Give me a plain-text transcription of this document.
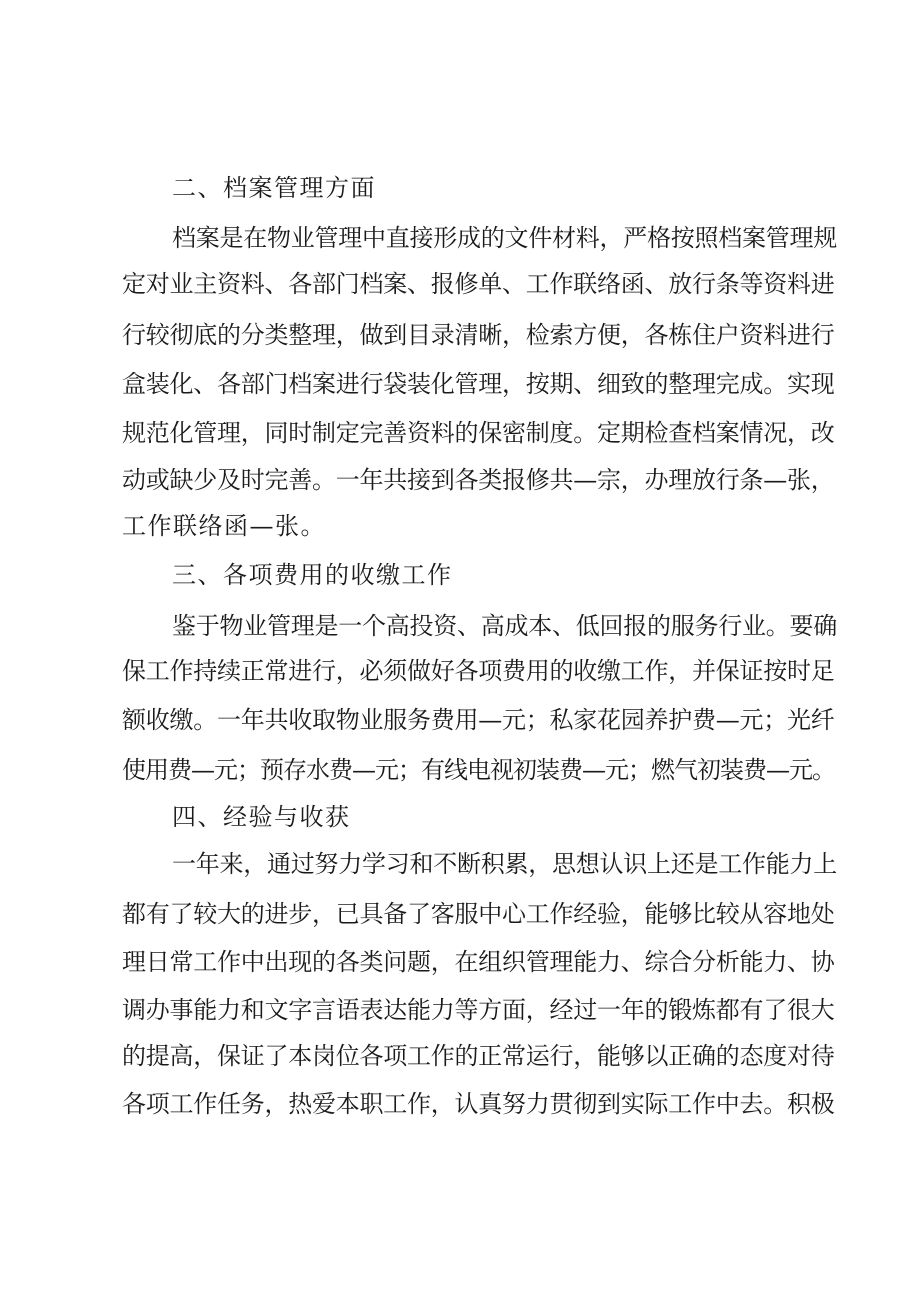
二、档案管理方面

档案是在物业管理中直接形成的文件材料，严格按照档案管理规

定对业主资料、各部门档案、报修单、工作联络函、放行条等资料进

行较彻底的分类整理，做到目录清晰，检索方便，各栋住户资料进行

盒装化、各部门档案进行袋装化管理，按期、细致的整理完成。实现

规范化管理，同时制定完善资料的保密制度。定期检查档案情况，改

动或缺少及时完善。一年共接到各类报修共—宗，办理放行条—张，

工作联络函—张。

三、各项费用的收缴工作

鉴于物业管理是一个高投资、高成本、低回报的服务行业。要确

保工作持续正常进行，必须做好各项费用的收缴工作，并保证按时足

额收缴。一年共收取物业服务费用—元；私家花园养护费—元；光纤

使用费—元；预存水费—元；有线电视初装费—元；燃气初装费—元。

四、经验与收获

一年来，通过努力学习和不断积累，思想认识上还是工作能力上

都有了较大的进步，已具备了客服中心工作经验，能够比较从容地处

理日常工作中出现的各类问题，在组织管理能力、综合分析能力、协

调办事能力和文字言语表达能力等方面，经过一年的锻炼都有了很大

的提高，保证了本岗位各项工作的正常运行，能够以正确的态度对待

各项工作任务，热爱本职工作，认真努力贯彻到实际工作中去。积极
